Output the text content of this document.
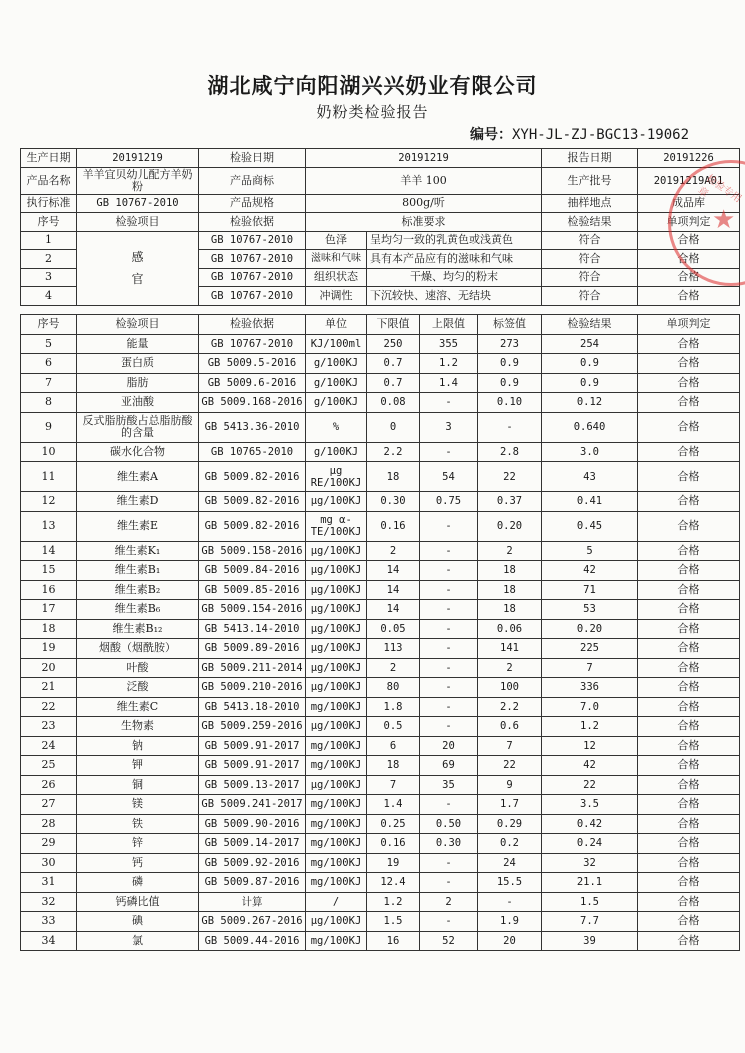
湖北咸宁向阳湖兴兴奶业有限公司
奶粉类检验报告
编号：XYH-JL-ZJ-BGC13-19062
生产日期	20191219	检验日期	20191219		报告日期	20191226
产品名称	羊羊宜贝幼儿配方羊奶粉	产品商标	羊羊 100		生产批号	20191219A01
执行标准	GB 10767-2010	产品规格	800g/听		抽样地点	成品库
序号	检验项目	检验依据	标准要求		检验结果	单项判定
1	感官	GB 10767-2010	色泽	呈均匀一致的乳黄色或浅黄色	符合	合格
2		GB 10767-2010	滋味和气味	具有本产品应有的滋味和气味	符合	合格
3		GB 10767-2010	组织状态	干燥、均匀的粉末	符合	合格
4		GB 10767-2010	冲调性	下沉较快、速溶、无结块	符合	合格
序号	检验项目	检验依据	单位	下限值	上限值	标签值	检验结果	单项判定
5	能量	GB 10767-2010	KJ/100ml	250	355	273	254	合格
6	蛋白质	GB 5009.5-2016	g/100KJ	0.7	1.2	0.9	0.9	合格
7	脂肪	GB 5009.6-2016	g/100KJ	0.7	1.4	0.9	0.9	合格
8	亚油酸	GB 5009.168-2016	g/100KJ	0.08	-	0.10	0.12	合格
9	反式脂肪酸占总脂肪酸的含量	GB 5413.36-2010	%	0	3	-	0.640	合格
10	碳水化合物	GB 10765-2010	g/100KJ	2.2	-	2.8	3.0	合格
11	维生素A	GB 5009.82-2016	μg RE/100KJ	18	54	22	43	合格
12	维生素D	GB 5009.82-2016	μg/100KJ	0.30	0.75	0.37	0.41	合格
13	维生素E	GB 5009.82-2016	mg α-TE/100KJ	0.16	-	0.20	0.45	合格
14	维生素K₁	GB 5009.158-2016	μg/100KJ	2	-	2	5	合格
15	维生素B₁	GB 5009.84-2016	μg/100KJ	14	-	18	42	合格
16	维生素B₂	GB 5009.85-2016	μg/100KJ	14	-	18	71	合格
17	维生素B₆	GB 5009.154-2016	μg/100KJ	14	-	18	53	合格
18	维生素B₁₂	GB 5413.14-2010	μg/100KJ	0.05	-	0.06	0.20	合格
19	烟酸（烟酰胺）	GB 5009.89-2016	μg/100KJ	113	-	141	225	合格
20	叶酸	GB 5009.211-2014	μg/100KJ	2	-	2	7	合格
21	泛酸	GB 5009.210-2016	μg/100KJ	80	-	100	336	合格
22	维生素C	GB 5413.18-2010	mg/100KJ	1.8	-	2.2	7.0	合格
23	生物素	GB 5009.259-2016	μg/100KJ	0.5	-	0.6	1.2	合格
24	钠	GB 5009.91-2017	mg/100KJ	6	20	7	12	合格
25	钾	GB 5009.91-2017	mg/100KJ	18	69	22	42	合格
26	铜	GB 5009.13-2017	μg/100KJ	7	35	9	22	合格
27	镁	GB 5009.241-2017	mg/100KJ	1.4	-	1.7	3.5	合格
28	铁	GB 5009.90-2016	mg/100KJ	0.25	0.50	0.29	0.42	合格
29	锌	GB 5009.14-2017	mg/100KJ	0.16	0.30	0.2	0.24	合格
30	钙	GB 5009.92-2016	mg/100KJ	19	-	24	32	合格
31	磷	GB 5009.87-2016	mg/100KJ	12.4	-	15.5	21.1	合格
32	钙磷比值	计算	/	1.2	2	-	1.5	合格
33	碘	GB 5009.267-2016	μg/100KJ	1.5	-	1.9	7.7	合格
34	氯	GB 5009.44-2016	mg/100KJ	16	52	20	39	合格
★
检验专用章
